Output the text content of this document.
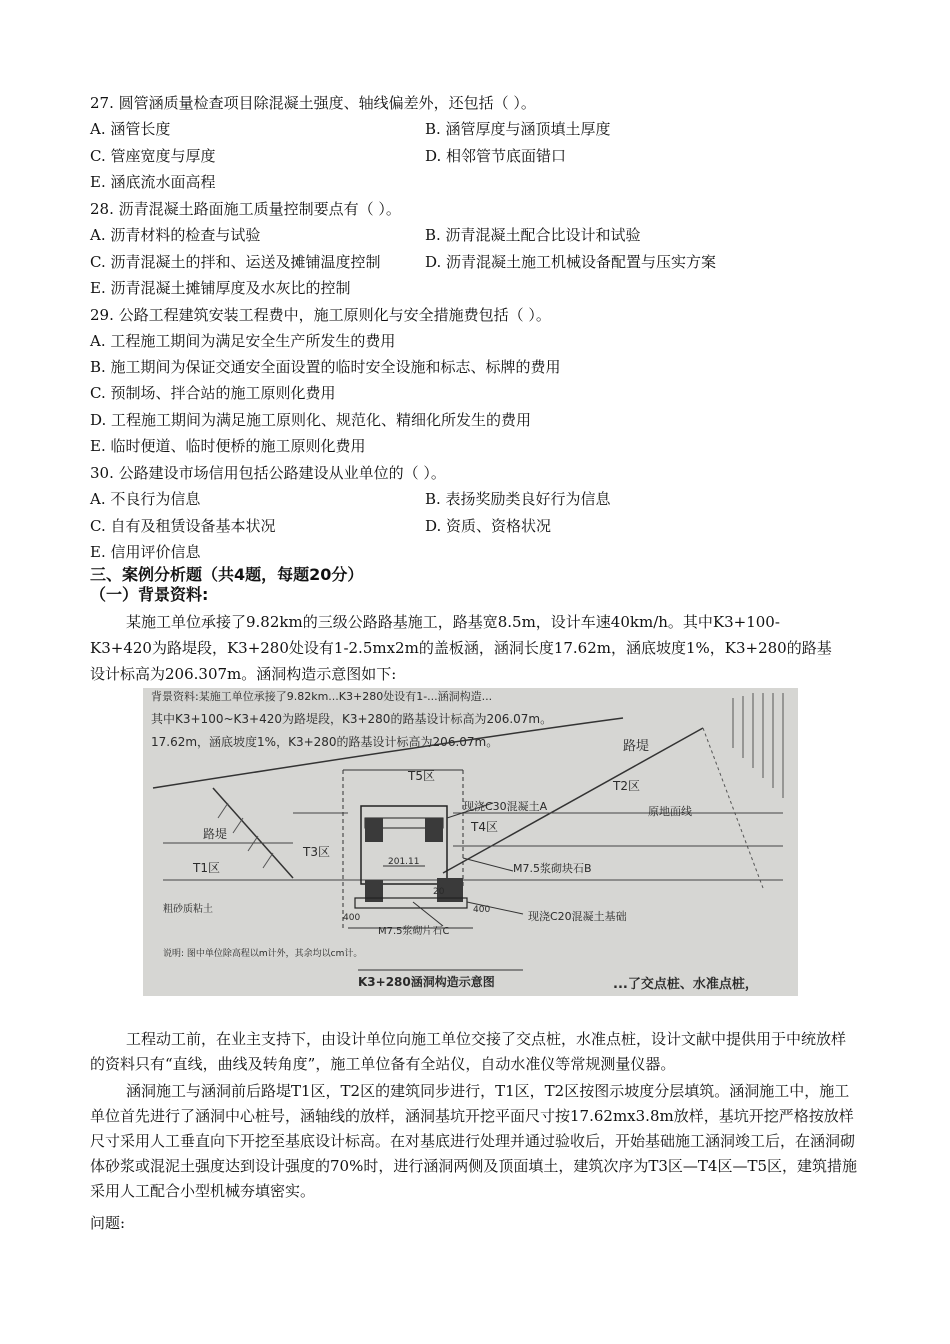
27. 圆管涵质量检查项目除混凝土强度、轴线偏差外，还包括（ ）。
A. 涵管长度	B. 涵管厚度与涵顶填土厚度
C. 管座宽度与厚度	D. 相邻管节底面错口
E. 涵底流水面高程
28. 沥青混凝土路面施工质量控制要点有（ ）。
A. 沥青材料的检查与试验	B. 沥青混凝土配合比设计和试验
C. 沥青混凝土的拌和、运送及摊铺温度控制	D. 沥青混凝土施工机械设备配置与压实方案
E. 沥青混凝土摊铺厚度及水灰比的控制
29. 公路工程建筑安装工程费中，施工原则化与安全措施费包括（ ）。
A. 工程施工期间为满足安全生产所发生的费用
B. 施工期间为保证交通安全面设置的临时安全设施和标志、标牌的费用
C. 预制场、拌合站的施工原则化费用
D. 工程施工期间为满足施工原则化、规范化、精细化所发生的费用
E. 临时便道、临时便桥的施工原则化费用
30. 公路建设市场信用包括公路建设从业单位的（ ）。
A. 不良行为信息	B. 表扬奖励类良好行为信息
C. 自有及租赁设备基本状况	D. 资质、资格状况
E. 信用评价信息
三、案例分析题（共4题，每题20分）
（一）背景资料:
某施工单位承接了9.82km的三级公路路基施工，路基宽8.5m，设计车速40km/h。其中K3+100-
K3+420为路堤段，K3+280处设有1-2.5mx2m的盖板涵，涵洞长度17.62m，涵底坡度1%，K3+280的路基
设计标高为206.307m。涵洞构造示意图如下:
背景资料:某施工单位承接了9.82km...K3+280处设有1-...涵洞构造...
其中K3+100~K3+420为路堤段，K3+280的路基设计标高为206.07m。
17.62m，涵底坡度1%，K3+280的路基设计标高为206.07m。
T5区
T2区
T3区
T4区
T1区
路堤
路堤
原地面线
现浇C30混凝土A
M7.5浆砌块石B
M7.5浆砌片石C
现浇C20混凝土基础
粗砂质粘土
201.11
400
400
20
说明: 图中单位除高程以m计外，其余均以cm计。
K3+280涵洞构造示意图	...了交点桩、水准点桩，
工程动工前，在业主支持下，由设计单位向施工单位交接了交点桩，水准点桩，设计文献中提供用于中统放样的资料只有“直线，曲线及转角度”，施工单位备有全站仪，自动水准仪等常规测量仪器。
涵洞施工与涵洞前后路堤T1区，T2区的建筑同步进行，T1区，T2区按图示坡度分层填筑。涵洞施工中，施工单位首先进行了涵洞中心桩号，涵轴线的放样，涵洞基坑开挖平面尺寸按17.62mx3.8m放样，基坑开挖严格按放样尺寸采用人工垂直向下开挖至基底设计标高。在对基底进行处理并通过验收后，开始基础施工涵洞竣工后，在涵洞砌体砂浆或混泥土强度达到设计强度的70%时，进行涵洞两侧及顶面填土，建筑次序为T3区—T4区—T5区，建筑措施采用人工配合小型机械夯填密实。
问题:
